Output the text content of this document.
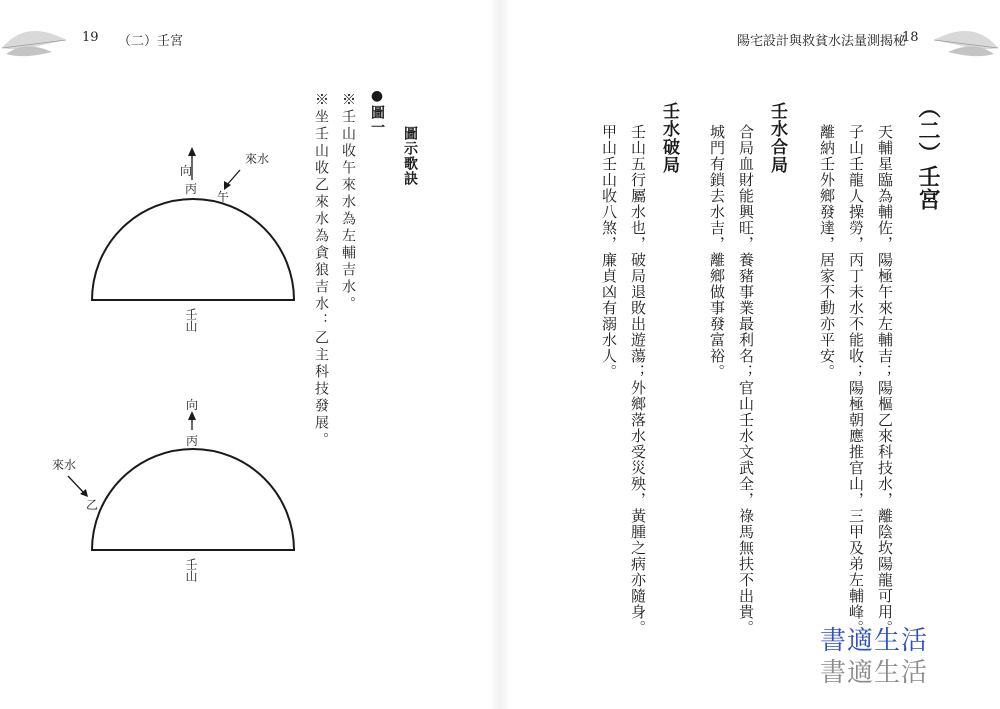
19 （二）壬宮
圖示歌訣
●圖一
※壬山收午來水為左輔吉水。
※坐壬山收乙來水為貪狼吉水：乙主科技發展。
來水
午
向
丙
壬山
來水
乙
向
丙
壬山
陽宅設計與救貧水法量測揭秘
18
（二）壬宮
天輔星臨為輔佐，陽極午來左輔吉；陽樞乙來科技水，離陰坎陽龍可用。
子山壬龍人操勞，丙丁未水不能收；陽極朝應推官山，三甲及弟左輔峰。
離納壬外鄉發達，居家不動亦平安。
壬水合局
合局血財能興旺，養豬事業最利名；官山壬水文武全，祿馬無扶不出貴。
城門有鎖去水吉，離鄉做事發富裕。
壬水破局
壬山五行屬水也，破局退敗出遊蕩；外鄉落水受災殃，黃腫之病亦隨身。
甲山壬山收八煞，廉貞凶有溺水人。
書適生活
書適生活
